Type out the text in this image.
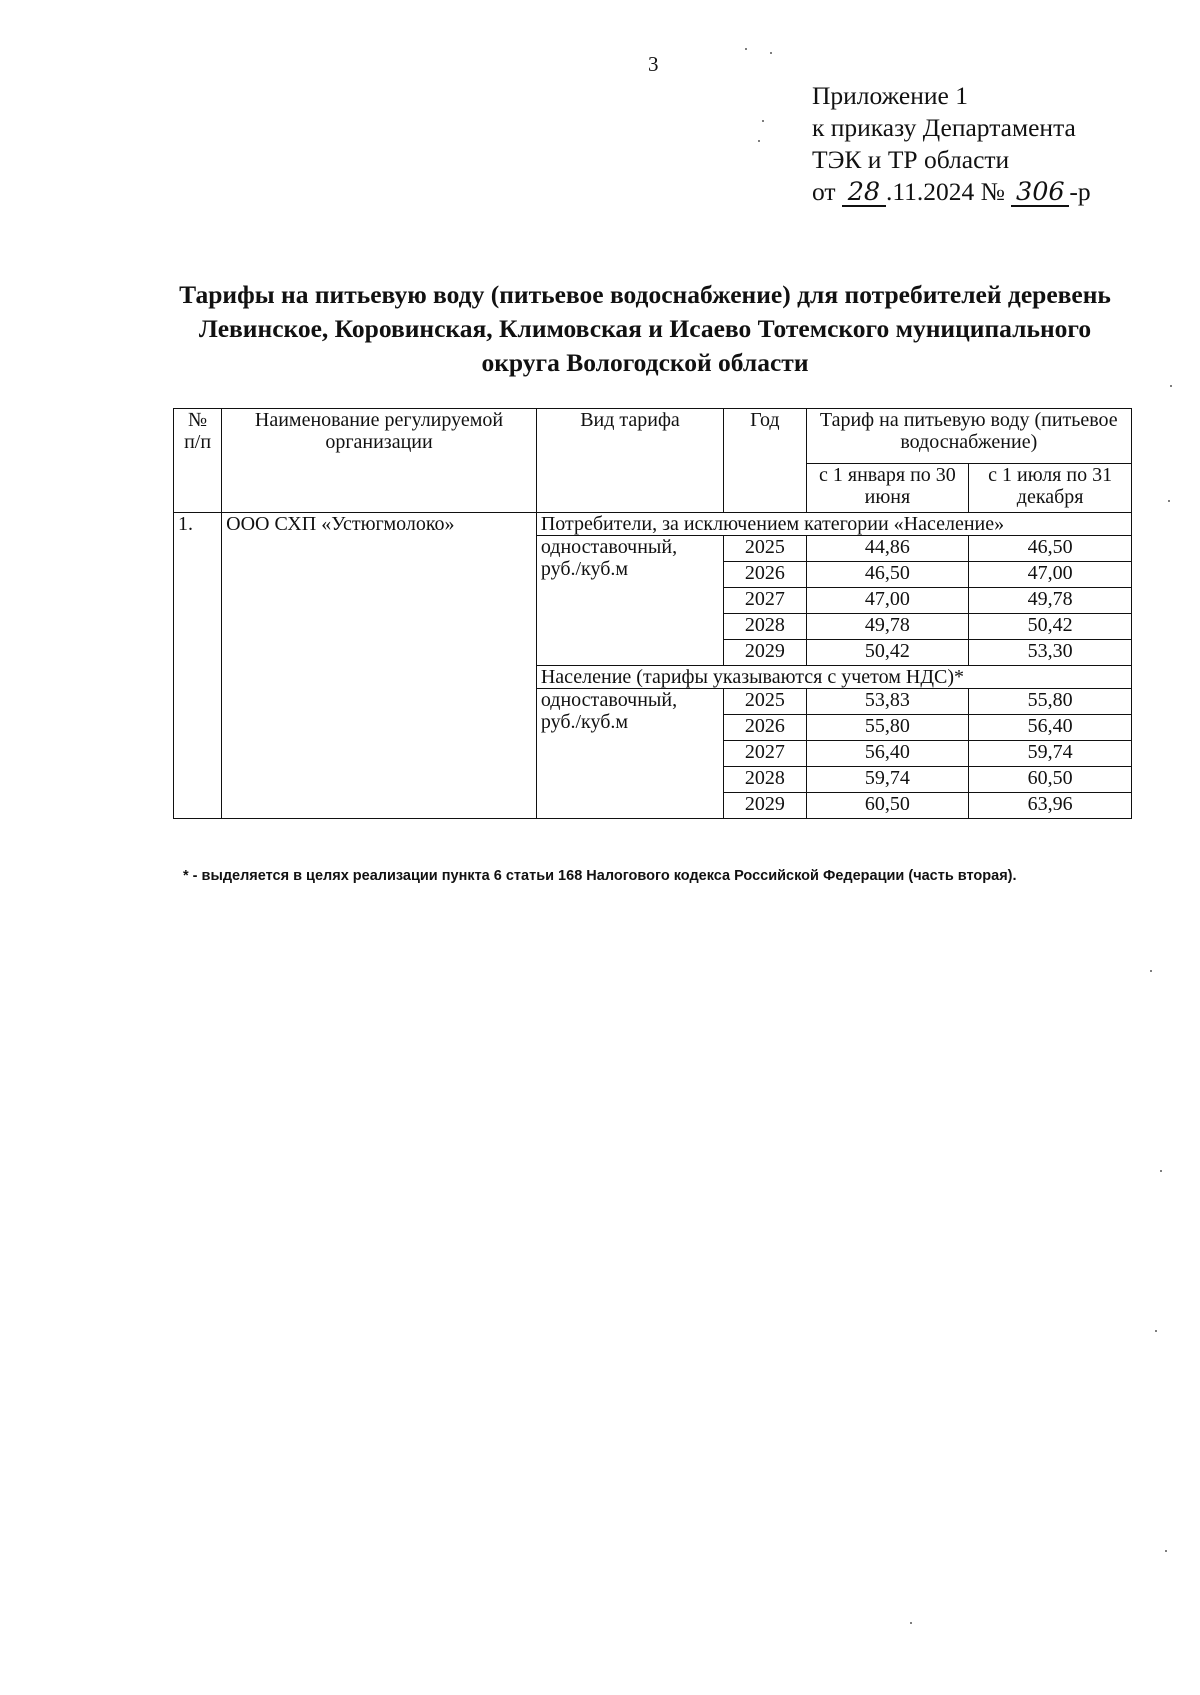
3
Приложение 1
к приказу Департамента
ТЭК и ТР области
от 28 .11.2024 № 306 -р
Тарифы на питьевую воду (питьевое водоснабжение) для потребителей деревень Левинское, Коровинская, Климовская и Исаево Тотемского муниципального округа Вологодской области
№ п/п	Наименование регулируемой организации	Вид тарифа	Год	Тариф на питьевую воду (питьевое водоснабжение)	
				с 1 января по 30 июня	с 1 июля по 31 декабря
1.	ООО СХП «Устюгмолоко»	Потребители, за исключением категории «Население»			
		одноставочный, руб./куб.м	2025	44,86	46,50
			2026	46,50	47,00
			2027	47,00	49,78
			2028	49,78	50,42
			2029	50,42	53,30
		Население (тарифы указываются с учетом НДС)*			
		одноставочный, руб./куб.м	2025	53,83	55,80
			2026	55,80	56,40
			2027	56,40	59,74
			2028	59,74	60,50
			2029	60,50	63,96
* - выделяется в целях реализации пункта 6 статьи 168 Налогового кодекса Российской Федерации (часть вторая).
